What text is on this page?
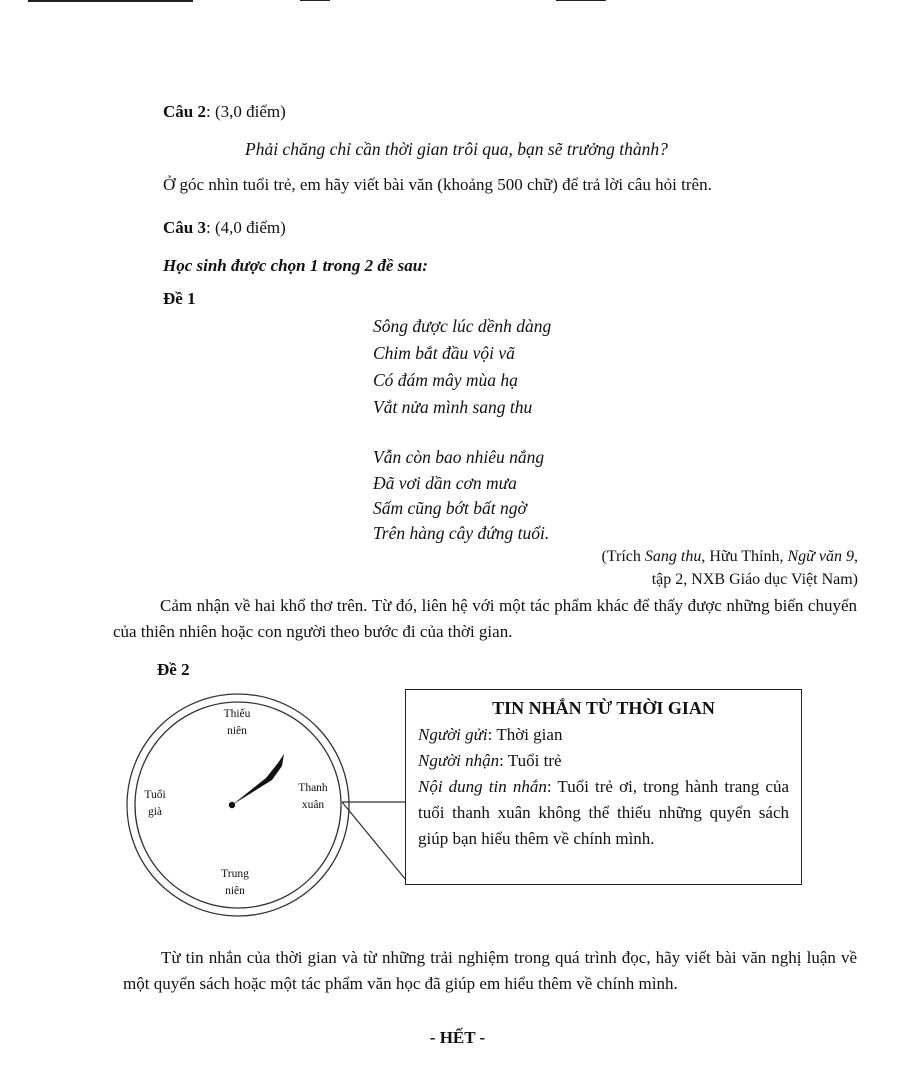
Câu 2: (3,0 điểm)
Phải chăng chỉ cần thời gian trôi qua, bạn sẽ trưởng thành?
Ở góc nhìn tuổi trẻ, em hãy viết bài văn (khoảng 500 chữ) để trả lời câu hỏi trên.
Câu 3: (4,0 điểm)
Học sinh được chọn 1 trong 2 đề sau:
Đề 1
Sông được lúc dềnh dàng
Chim bắt đầu vội vã
Có đám mây mùa hạ
Vắt nửa mình sang thu
Vẫn còn bao nhiêu nắng
Đã vơi dần cơn mưa
Sấm cũng bớt bất ngờ
Trên hàng cây đứng tuổi.
(Trích Sang thu, Hữu Thỉnh, Ngữ văn 9,
tập 2, NXB Giáo dục Việt Nam)
Cảm nhận về hai khổ thơ trên. Từ đó, liên hệ với một tác phẩm khác để thấy được những biến chuyển của thiên nhiên hoặc con người theo bước đi của thời gian.
Đề 2
Thiếu
niên
Thanh
xuân
Tuổi
già
Trung
niên
TIN NHẮN TỪ THỜI GIAN
Người gửi: Thời gian
Người nhận: Tuổi trẻ
Nội dung tin nhắn: Tuổi trẻ ơi, trong hành trang của tuổi thanh xuân không thể thiếu những quyển sách giúp bạn hiểu thêm về chính mình.
Từ tin nhắn của thời gian và từ những trải nghiệm trong quá trình đọc, hãy viết bài văn nghị luận về một quyển sách hoặc một tác phẩm văn học đã giúp em hiểu thêm về chính mình.
- HẾT -
